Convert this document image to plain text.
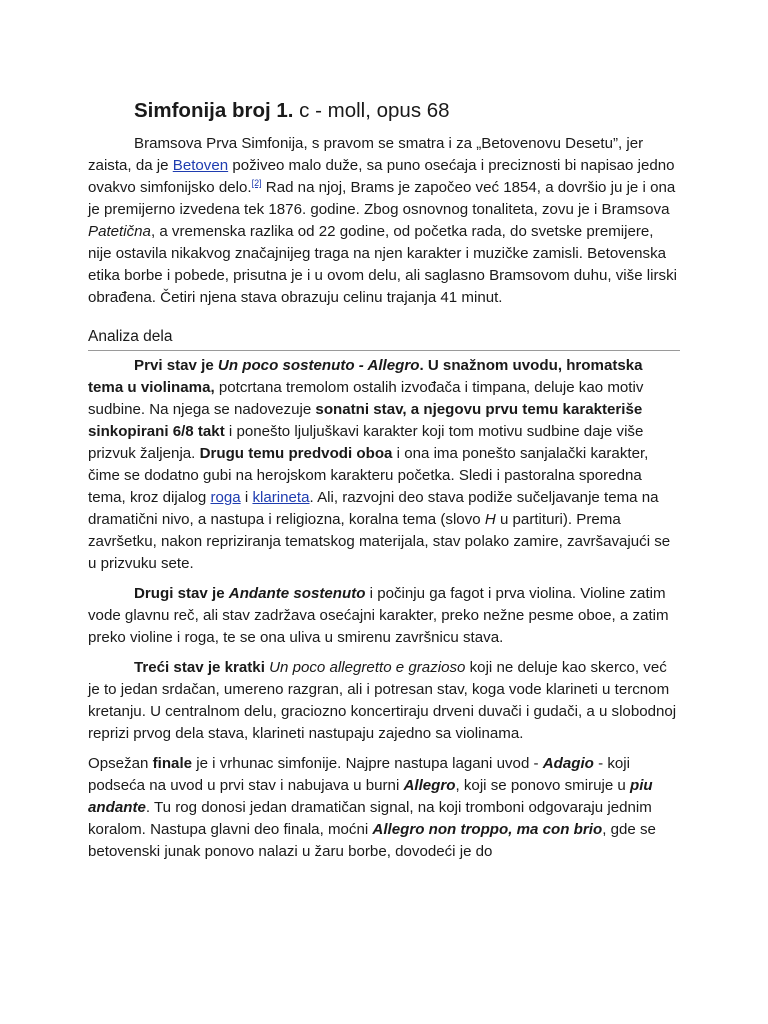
Simfonija broj 1. c - moll, opus 68

Bramsova Prva Simfonija, s pravom se smatra i za „Betovenovu Desetu”, jer zaista, da je Betoven poživeo malo duže, sa puno osećaja i preciznosti bi napisao jedno ovakvo simfonijsko delo.[2] Rad na njoj, Brams je započeo već 1854, a dovršio ju je i ona je premijerno izvedena tek 1876. godine. Zbog osnovnog tonaliteta, zovu je i Bramsova Patetična, a vremenska razlika od 22 godine, od početka rada, do svetske premijere, nije ostavila nikakvog značajnijeg traga na njen karakter i muzičke zamisli. Betovenska etika borbe i pobede, prisutna je i u ovom delu, ali saglasno Bramsovom duhu, više lirski obrađena. Četiri njena stava obrazuju celinu trajanja 41 minut.

Analiza dela

Prvi stav je Un poco sostenuto - Allegro. U snažnom uvodu, hromatska tema u violinama, potcrtana tremolom ostalih izvođača i timpana, deluje kao motiv sudbine. Na njega se nadovezuje sonatni stav, a njegovu prvu temu karakteriše sinkopirani 6/8 takt i ponešto ljuljuškavi karakter koji tom motivu sudbine daje više prizvuk žaljenja. Drugu temu predvodi oboa i ona ima ponešto sanjalački karakter, čime se dodatno gubi na herojskom karakteru početka. Sledi i pastoralna sporedna tema, kroz dijalog roga i klarineta. Ali, razvojni deo stava podiže sučeljavanje tema na dramatični nivo, a nastupa i religiozna, koralna tema (slovo H u partituri). Prema završetku, nakon repriziranja tematskog materijala, stav polako zamire, završavajući se u prizvuku sete.

Drugi stav je Andante sostenuto i počinju ga fagot i prva violina. Violine zatim vode glavnu reč, ali stav zadržava osećajni karakter, preko nežne pesme oboe, a zatim preko violine i roga, te se ona uliva u smirenu završnicu stava.

Treći stav je kratki Un poco allegretto e grazioso koji ne deluje kao skerco, već je to jedan srdačan, umereno razgran, ali i potresan stav, koga vode klarineti u tercnom kretanju. U centralnom delu, graciozno koncertiraju drveni duvači i gudači, a u slobodnoj reprizi prvog dela stava, klarineti nastupaju zajedno sa violinama.

Opsežan finale je i vrhunac simfonije. Najpre nastupa lagani uvod - Adagio - koji podseća na uvod u prvi stav i nabujava u burni Allegro, koji se ponovo smiruje u piu andante. Tu rog donosi jedan dramatičan signal, na koji tromboni odgovaraju jednim koralom. Nastupa glavni deo finala, moćni Allegro non troppo, ma con brio, gde se betovenski junak ponovo nalazi u žaru borbe, dovodeći je do
